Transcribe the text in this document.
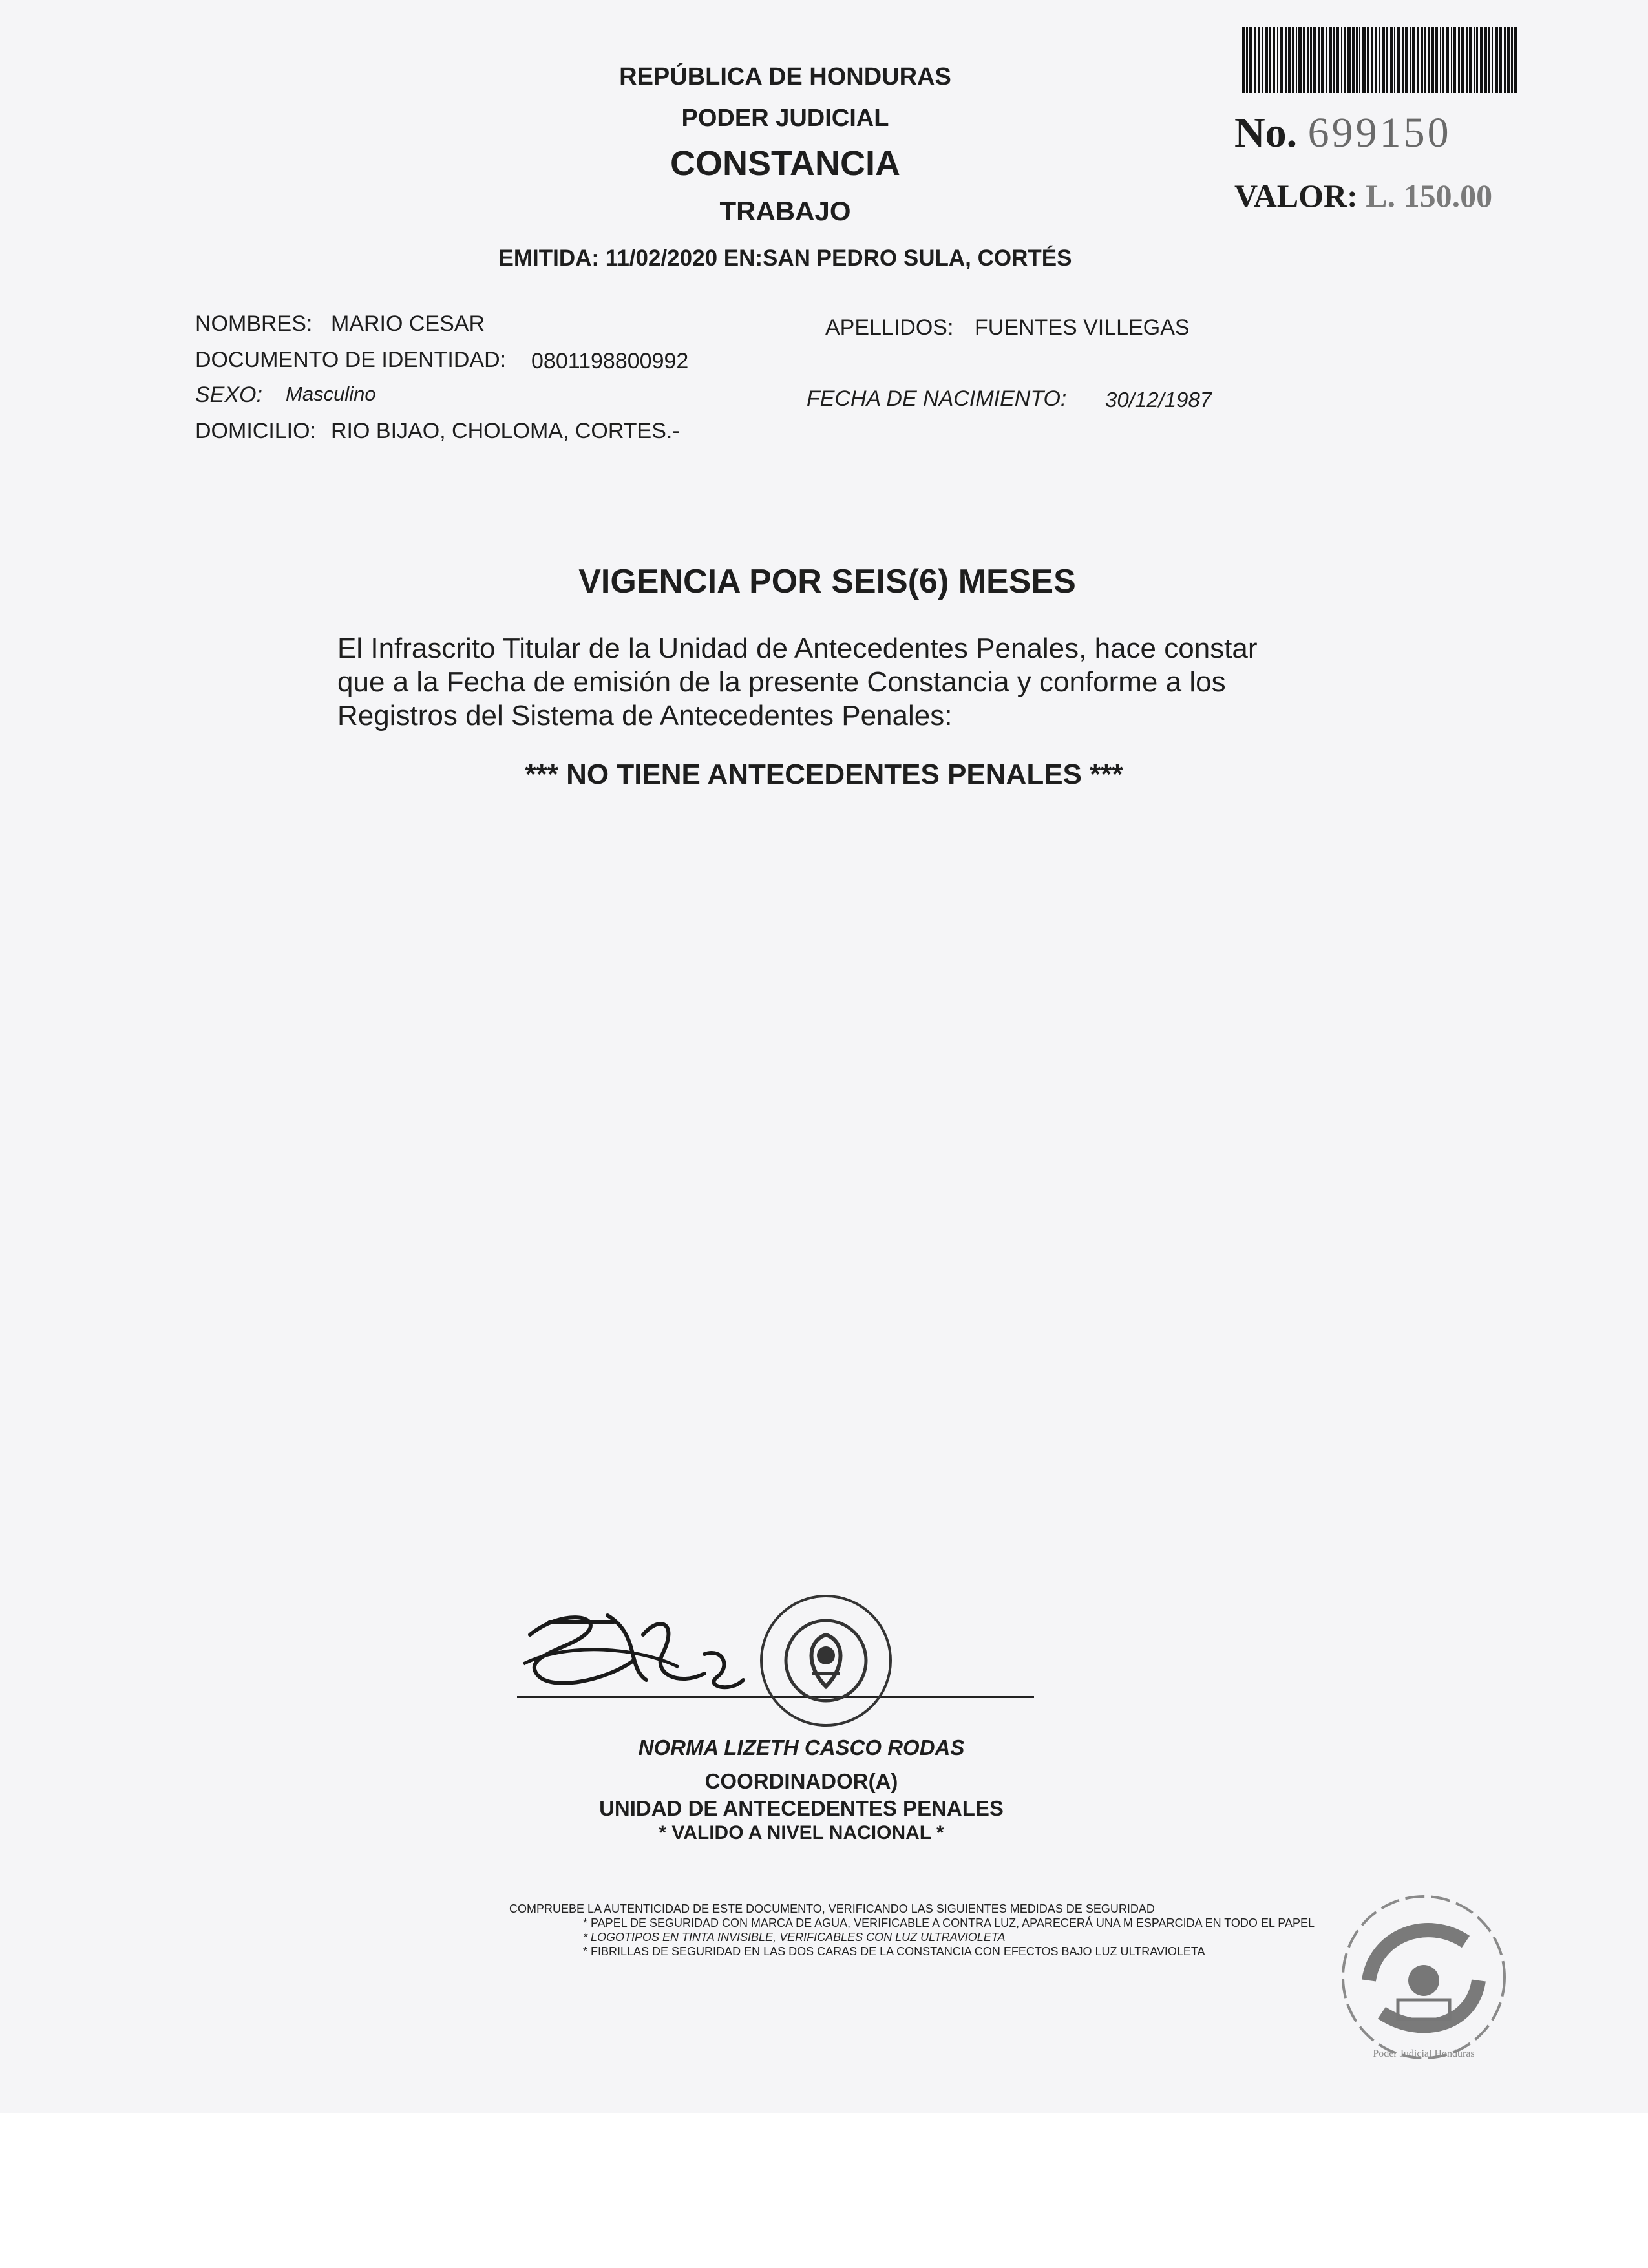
No. 699150
VALOR: L. 150.00
REPÚBLICA DE HONDURAS
PODER JUDICIAL
CONSTANCIA
TRABAJO
EMITIDA: 11/02/2020 EN:SAN PEDRO SULA, CORTÉS
NOMBRES: MARIO CESAR	APELLIDOS: FUENTES VILLEGAS
DOCUMENTO DE IDENTIDAD: 0801198800992
SEXO: Masculino	FECHA DE NACIMIENTO: 30/12/1987
DOMICILIO: RIO BIJAO, CHOLOMA, CORTES.-
VIGENCIA POR SEIS(6) MESES
El Infrascrito Titular de la Unidad de Antecedentes Penales, hace constar
que a la Fecha de emisión de la presente Constancia y conforme a los
Registros del Sistema de Antecedentes Penales:
*** NO TIENE ANTECEDENTES PENALES ***
NORMA LIZETH CASCO RODAS
COORDINADOR(A)
UNIDAD DE ANTECEDENTES PENALES
* VALIDO A NIVEL NACIONAL *
COMPRUEBE LA AUTENTICIDAD DE ESTE DOCUMENTO, VERIFICANDO LAS SIGUIENTES MEDIDAS DE SEGURIDAD
* PAPEL DE SEGURIDAD CON MARCA DE AGUA, VERIFICABLE A CONTRA LUZ, APARECERÁ UNA M ESPARCIDA EN TODO EL PAPEL
* LOGOTIPOS EN TINTA INVISIBLE, VERIFICABLES CON LUZ ULTRAVIOLETA
* FIBRILLAS DE SEGURIDAD EN LAS DOS CARAS DE LA CONSTANCIA CON EFECTOS BAJO LUZ ULTRAVIOLETA
Poder Judicial Honduras
